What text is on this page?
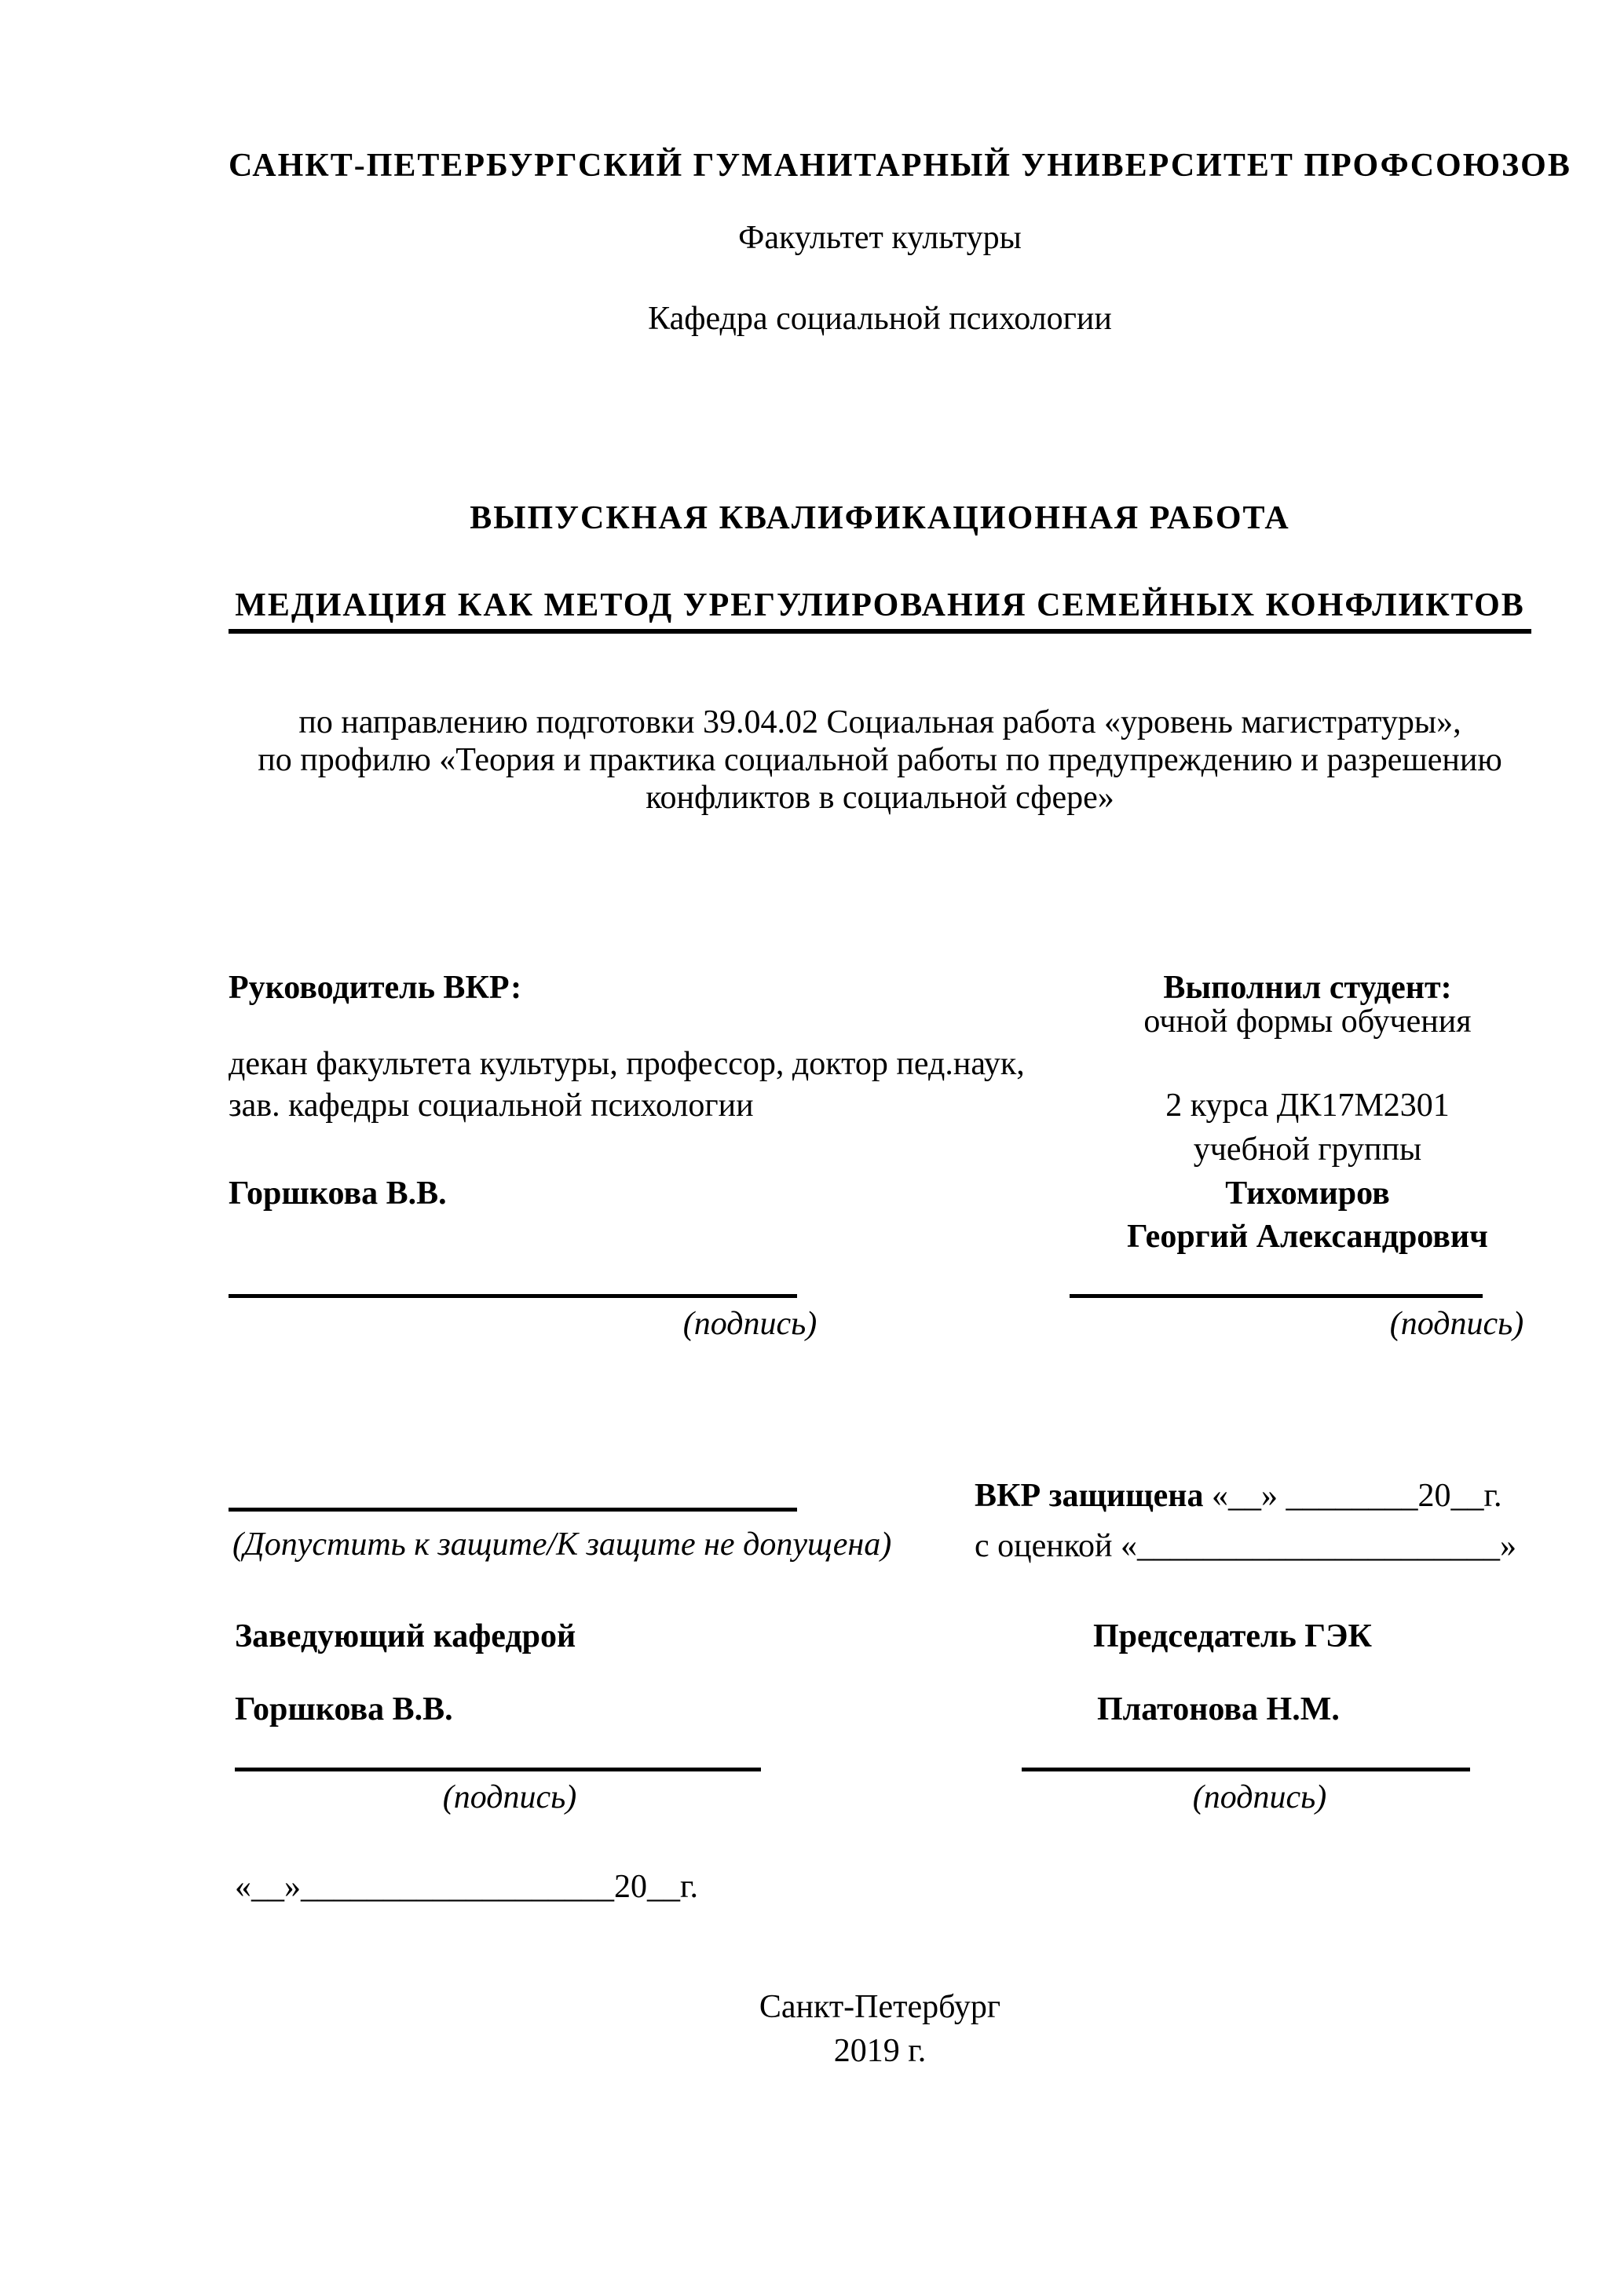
САНКТ-ПЕТЕРБУРГСКИЙ ГУМАНИТАРНЫЙ УНИВЕРСИТЕТ ПРОФСОЮЗОВ
Факультет культуры
Кафедра социальной психологии
ВЫПУСКНАЯ КВАЛИФИКАЦИОННАЯ РАБОТА
МЕДИАЦИЯ КАК МЕТОД УРЕГУЛИРОВАНИЯ СЕМЕЙНЫХ КОНФЛИКТОВ
по направлению подготовки 39.04.02 Социальная работа «уровень магистратуры»,
по профилю «Теория и практика социальной работы по предупреждению и разрешению
конфликтов в социальной сфере»
Руководитель ВКР:
декан факультета культуры, профессор, доктор пед.наук,
зав. кафедры социальной психологии
Горшкова В.В.
(подпись)
Выполнил студент:
очной формы обучения
2 курса ДК17М2301
учебной группы
Тихомиров
Георгий Александрович
(подпись)
(Допустить к защите/К защите не допущена)
ВКР защищена «__» ________20__г.
с оценкой «______________________»
Заведующий кафедрой	Председатель ГЭК
Горшкова В.В.	Платонова Н.М.
(подпись)	(подпись)
«__»___________________20__г.
Санкт-Петербург
2019 г.
